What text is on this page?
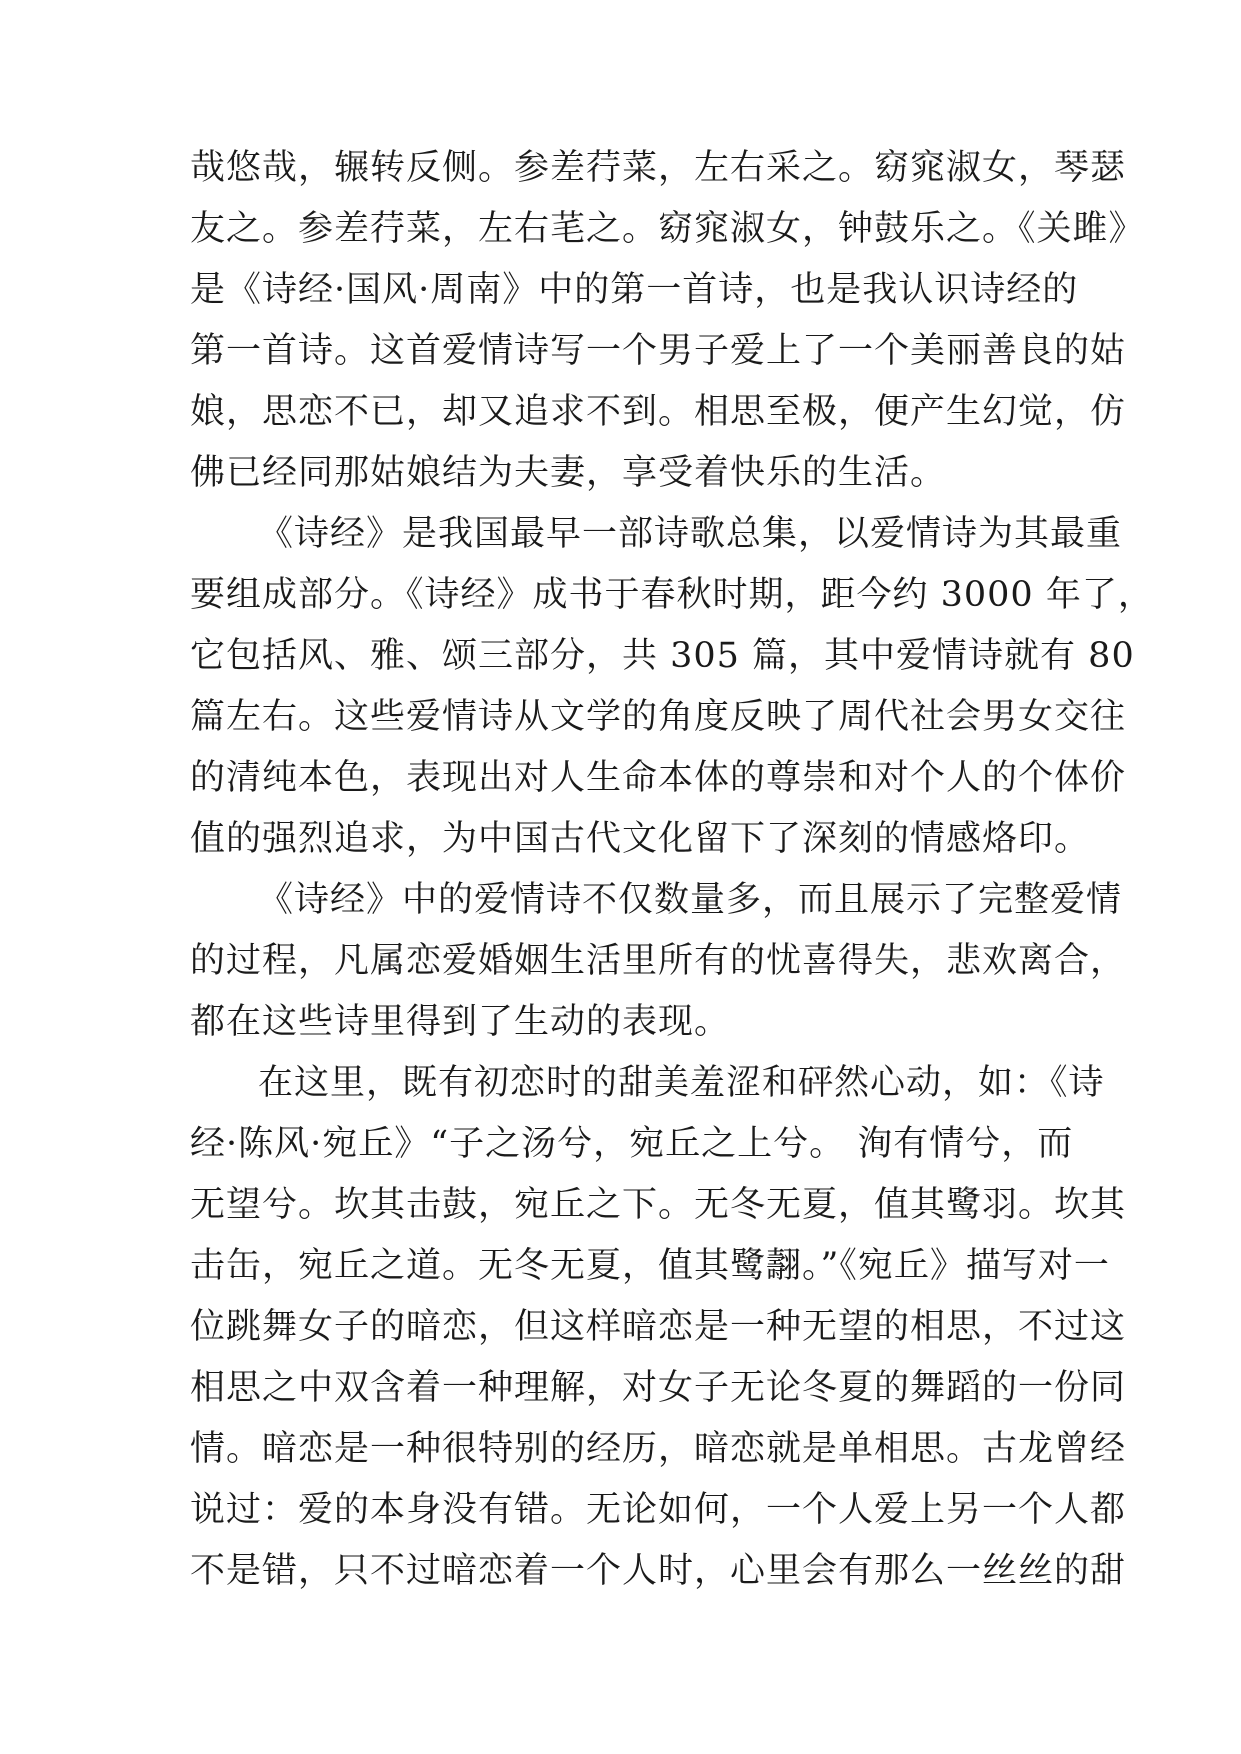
哉悠哉，辗转反侧。参差荇菜，左右采之。窈窕淑女，琴瑟
友之。参差荇菜，左右芼之。窈窕淑女，钟鼓乐之。《关雎》
是《诗经·国风·周南》中的第一首诗，也是我认识诗经的
第一首诗。这首爱情诗写一个男子爱上了一个美丽善良的姑
娘，思恋不已，却又追求不到。相思至极，便产生幻觉，仿
佛已经同那姑娘结为夫妻，享受着快乐的生活。
《诗经》是我国最早一部诗歌总集，以爱情诗为其最重
要组成部分。《诗经》成书于春秋时期，距今约 3000 年了，
它包括风、雅、颂三部分，共 305 篇，其中爱情诗就有 80
篇左右。这些爱情诗从文学的角度反映了周代社会男女交往
的清纯本色，表现出对人生命本体的尊崇和对个人的个体价
值的强烈追求，为中国古代文化留下了深刻的情感烙印。
《诗经》中的爱情诗不仅数量多，而且展示了完整爱情
的过程，凡属恋爱婚姻生活里所有的忧喜得失，悲欢离合，
都在这些诗里得到了生动的表现。
在这里，既有初恋时的甜美羞涩和砰然心动，如：《诗
经·陈风·宛丘》“子之汤兮，宛丘之上兮。 洵有情兮，而
无望兮。坎其击鼓，宛丘之下。无冬无夏，值其鹭羽。坎其
击缶，宛丘之道。无冬无夏，值其鹭翿。”《宛丘》描写对一
位跳舞女子的暗恋，但这样暗恋是一种无望的相思，不过这
相思之中双含着一种理解，对女子无论冬夏的舞蹈的一份同
情。暗恋是一种很特别的经历，暗恋就是单相思。古龙曾经
说过：爱的本身没有错。无论如何，一个人爱上另一个人都
不是错，只不过暗恋着一个人时，心里会有那么一丝丝的甜
